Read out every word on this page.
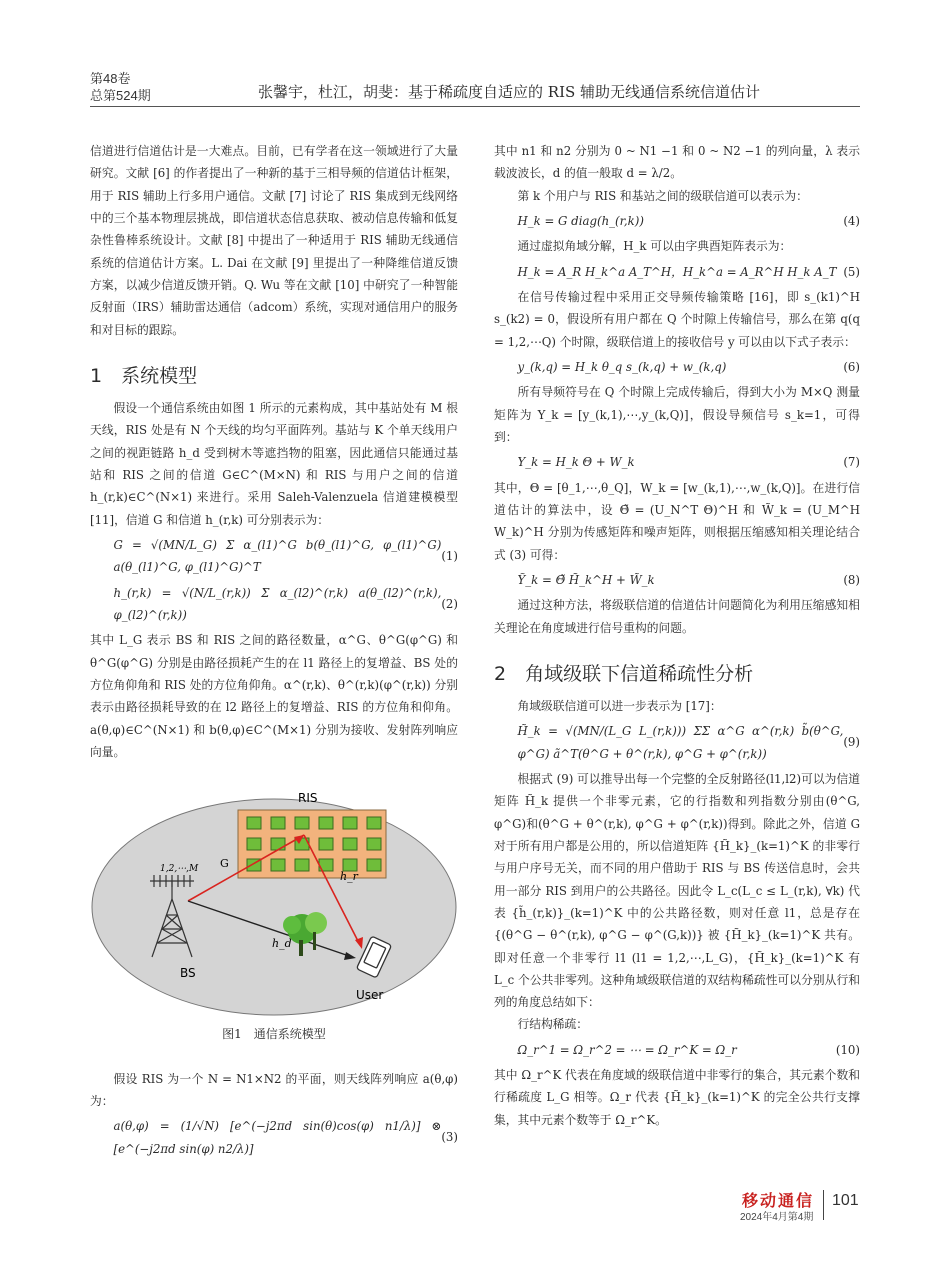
第48卷
总第524期	张馨宇，杜江，胡斐：基于稀疏度自适应的 RIS 辅助无线通信系统信道估计

信道进行信道估计是一大难点。目前，已有学者在这一领域进行了大量研究。文献 [6] 的作者提出了一种新的基于三相导频的信道估计框架，用于 RIS 辅助上行多用户通信。文献 [7] 讨论了 RIS 集成到无线网络中的三个基本物理层挑战，即信道状态信息获取、被动信息传输和低复杂性鲁棒系统设计。文献 [8] 中提出了一种适用于 RIS 辅助无线通信系统的信道估计方案。L. Dai 在文献 [9] 里提出了一种降维信道反馈方案，以减少信道反馈开销。Q. Wu 等在文献 [10] 中研究了一种智能反射面（IRS）辅助雷达通信（adcom）系统，实现对通信用户的服务和对目标的跟踪。

1　系统模型

假设一个通信系统由如图 1 所示的元素构成，其中基站处有 M 根天线，RIS 处是有 N 个天线的均匀平面阵列。基站与 K 个单天线用户之间的视距链路 h_d 受到树木等遮挡物的阻塞，因此通信只能通过基站和 RIS 之间的信道 G∈C^(M×N) 和 RIS 与用户之间的信道 h_(r,k)∈C^(N×1) 来进行。采用 Saleh-Valenzuela 信道建模模型 [11]，信道 G 和信道 h_(r,k) 可分别表示为：

G = √(MN/L_G) Σ α_(l1)^G b(θ_(l1)^G, φ_(l1)^G) a(θ_(l1)^G, φ_(l1)^G)^T
(1)
h_(r,k) = √(N/L_(r,k)) Σ α_(l2)^(r,k) a(θ_(l2)^(r,k), φ_(l2)^(r,k))
(2)

其中 L_G 表示 BS 和 RIS 之间的路径数量，α^G、θ^G(φ^G) 和 θ^G(φ^G) 分别是由路径损耗产生的在 l1 路径上的复增益、BS 处的方位角仰角和 RIS 处的方位角仰角。α^(r,k)、θ^(r,k)(φ^(r,k)) 分别表示由路径损耗导致的在 l2 路径上的复增益、RIS 的方位角和仰角。a(θ,φ)∈C^(N×1) 和 b(θ,φ)∈C^(M×1) 分别为接收、发射阵列响应向量。

RIS
1,2,⋯,M
BS
G
h_r
h_d
User
图1　通信系统模型

假设 RIS 为一个 N = N1×N2 的平面，则天线阵列响应 a(θ,φ) 为：

a(θ,φ) = (1/√N) [e^(−j2πd sin(θ)cos(φ) n1/λ)] ⊗ [e^(−j2πd sin(φ) n2/λ)]
(3)

其中 n1 和 n2 分别为 0 ~ N1 −1 和 0 ~ N2 −1 的列向量，λ 表示载波波长，d 的值一般取 d = λ/2。

第 k 个用户与 RIS 和基站之间的级联信道可以表示为：

H_k = G diag(h_(r,k))	(4)

通过虚拟角域分解，H_k 可以由字典酉矩阵表示为：

H_k = A_R H_k^a A_T^H，H_k^a = A_R^H H_k A_T (5)

在信号传输过程中采用正交导频传输策略 [16]，即 s_(k1)^H s_(k2) = 0，假设所有用户都在 Q 个时隙上传输信号，那么在第 q(q = 1,2,⋯Q) 个时隙，级联信道上的接收信号 y 可以由以下式子表示：

y_(k,q) = H_k θ_q s_(k,q) + w_(k,q)	(6)

所有导频符号在 Q 个时隙上完成传输后，得到大小为 M×Q 测量矩阵为 Y_k = [y_(k,1),⋯,y_(k,Q)]，假设导频信号 s_k=1，可得到：

Y_k = H_k Θ + W_k	(7)

其中，Θ = [θ_1,⋯,θ_Q]，W_k = [w_(k,1),⋯,w_(k,Q)]。在进行信道估计的算法中，设 Θ̃ = (U_N^T Θ)^H 和 W̃_k = (U_M^H W_k)^H 分别为传感矩阵和噪声矩阵，则根据压缩感知相关理论结合式 (3) 可得：

Ỹ_k = Θ̃ H̃_k^H + W̃_k	(8)

通过这种方法，将级联信道的信道估计问题简化为利用压缩感知相关理论在角度域进行信号重构的问题。

2　角域级联下信道稀疏性分析

角域级联信道可以进一步表示为 [17]：

H̃_k = √(MN/(L_G L_(r,k))) ΣΣ α^G α^(r,k) b̃(θ^G, φ^G) ã^T(θ^G + θ^(r,k), φ^G + φ^(r,k))
(9)

根据式 (9) 可以推导出每一个完整的全反射路径(l1,l2)可以为信道矩阵 H̃_k 提供一个非零元素，它的行指数和列指数分别由(θ^G, φ^G)和(θ^G + θ^(r,k), φ^G + φ^(r,k))得到。除此之外，信道 G 对于所有用户都是公用的，所以信道矩阵 {H̃_k}_(k=1)^K 的非零行与用户序号无关，而不同的用户借助于 RIS 与 BS 传送信息时，会共用一部分 RIS 到用户的公共路径。因此令 L_c(L_c ≤ L_(r,k), ∀k) 代表 {h̃_(r,k)}_(k=1)^K 中的公共路径数，则对任意 l1，总是存在 {(θ^G − θ^(r,k), φ^G − φ^(G,k))} 被 {H̃_k}_(k=1)^K 共有。即对任意一个非零行 l1 (l1 = 1,2,⋯,L_G)，{H̃_k}_(k=1)^K 有 L_c 个公共非零列。这种角域级联信道的双结构稀疏性可以分别从行和列的角度总结如下：

行结构稀疏：

Ω_r^1 = Ω_r^2 = ⋯ = Ω_r^K = Ω_r	(10)

其中 Ω_r^K 代表在角度域的级联信道中非零行的集合，其元素个数和行稀疏度 L_G 相等。Ω_r 代表 {H̃_k}_(k=1)^K 的完全公共行支撑集，其中元素个数等于 Ω_r^K。

移动通信
2024年4月第4期
101
